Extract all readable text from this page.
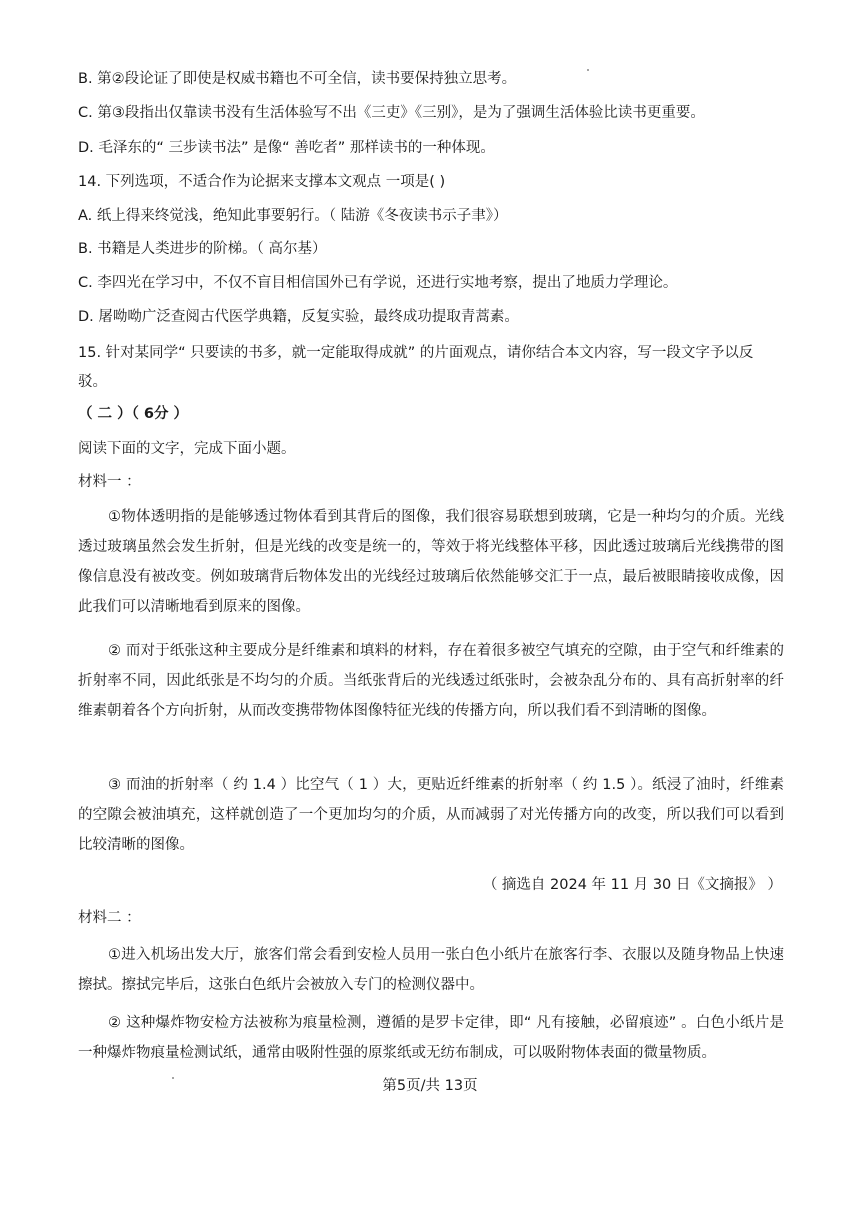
B. 第②段论证了即使是权威书籍也不可全信，读书要保持独立思考。
C. 第③段指出仅靠读书没有生活体验写不出《三吏》《三别》，是为了强调生活体验比读书更重要。
D. 毛泽东的“ 三步读书法” 是像“ 善吃者” 那样读书的一种体现。
14. 下列选项，不适合作为论据来支撑本文观点 一项是( )
A. 纸上得来终觉浅，绝知此事要躬行。（ 陆游《冬夜读书示子聿》）
B. 书籍是人类进步的阶梯。（ 高尔基）
C. 李四光在学习中，不仅不盲目相信国外已有学说，还进行实地考察，提出了地质力学理论。
D. 屠呦呦广泛查阅古代医学典籍，反复实验，最终成功提取青蒿素。
15. 针对某同学“ 只要读的书多，就一定能取得成就” 的片面观点，请你结合本文内容，写一段文字予以反
驳。
（ 二 ）（ 6分 ）
阅读下面的文字，完成下面小题。
材料一 ：
①物体透明指的是能够透过物体看到其背后的图像，我们很容易联想到玻璃，它是一种均匀的介质。光线透过玻璃虽然会发生折射，但是光线的改变是统一的，等效于将光线整体平移，因此透过玻璃后光线携带的图像信息没有被改变。例如玻璃背后物体发出的光线经过玻璃后依然能够交汇于一点，最后被眼睛接收成像，因此我们可以清晰地看到原来的图像。
② 而对于纸张这种主要成分是纤维素和填料的材料，存在着很多被空气填充的空隙，由于空气和纤维素的折射率不同，因此纸张是不均匀的介质。当纸张背后的光线透过纸张时，会被杂乱分布的、具有高折射率的纤维素朝着各个方向折射，从而改变携带物体图像特征光线的传播方向，所以我们看不到清晰的图像。
③ 而油的折射率（ 约 1.4 ）比空气（ 1 ）大，更贴近纤维素的折射率（ 约 1.5 ）。纸浸了油时，纤维素的空隙会被油填充，这样就创造了一个更加均匀的介质，从而减弱了对光传播方向的改变，所以我们可以看到比较清晰的图像。
（ 摘选自 2024 年 11 月 30 日《文摘报》 ）
材料二 ：
①进入机场出发大厅，旅客们常会看到安检人员用一张白色小纸片在旅客行李、衣服以及随身物品上快速擦拭。擦拭完毕后，这张白色纸片会被放入专门的检测仪器中。
② 这种爆炸物安检方法被称为痕量检测，遵循的是罗卡定律，即“ 凡有接触，必留痕迹” 。白色小纸片是一种爆炸物痕量检测试纸，通常由吸附性强的原浆纸或无纺布制成，可以吸附物体表面的微量物质。
第5页/共 13页
